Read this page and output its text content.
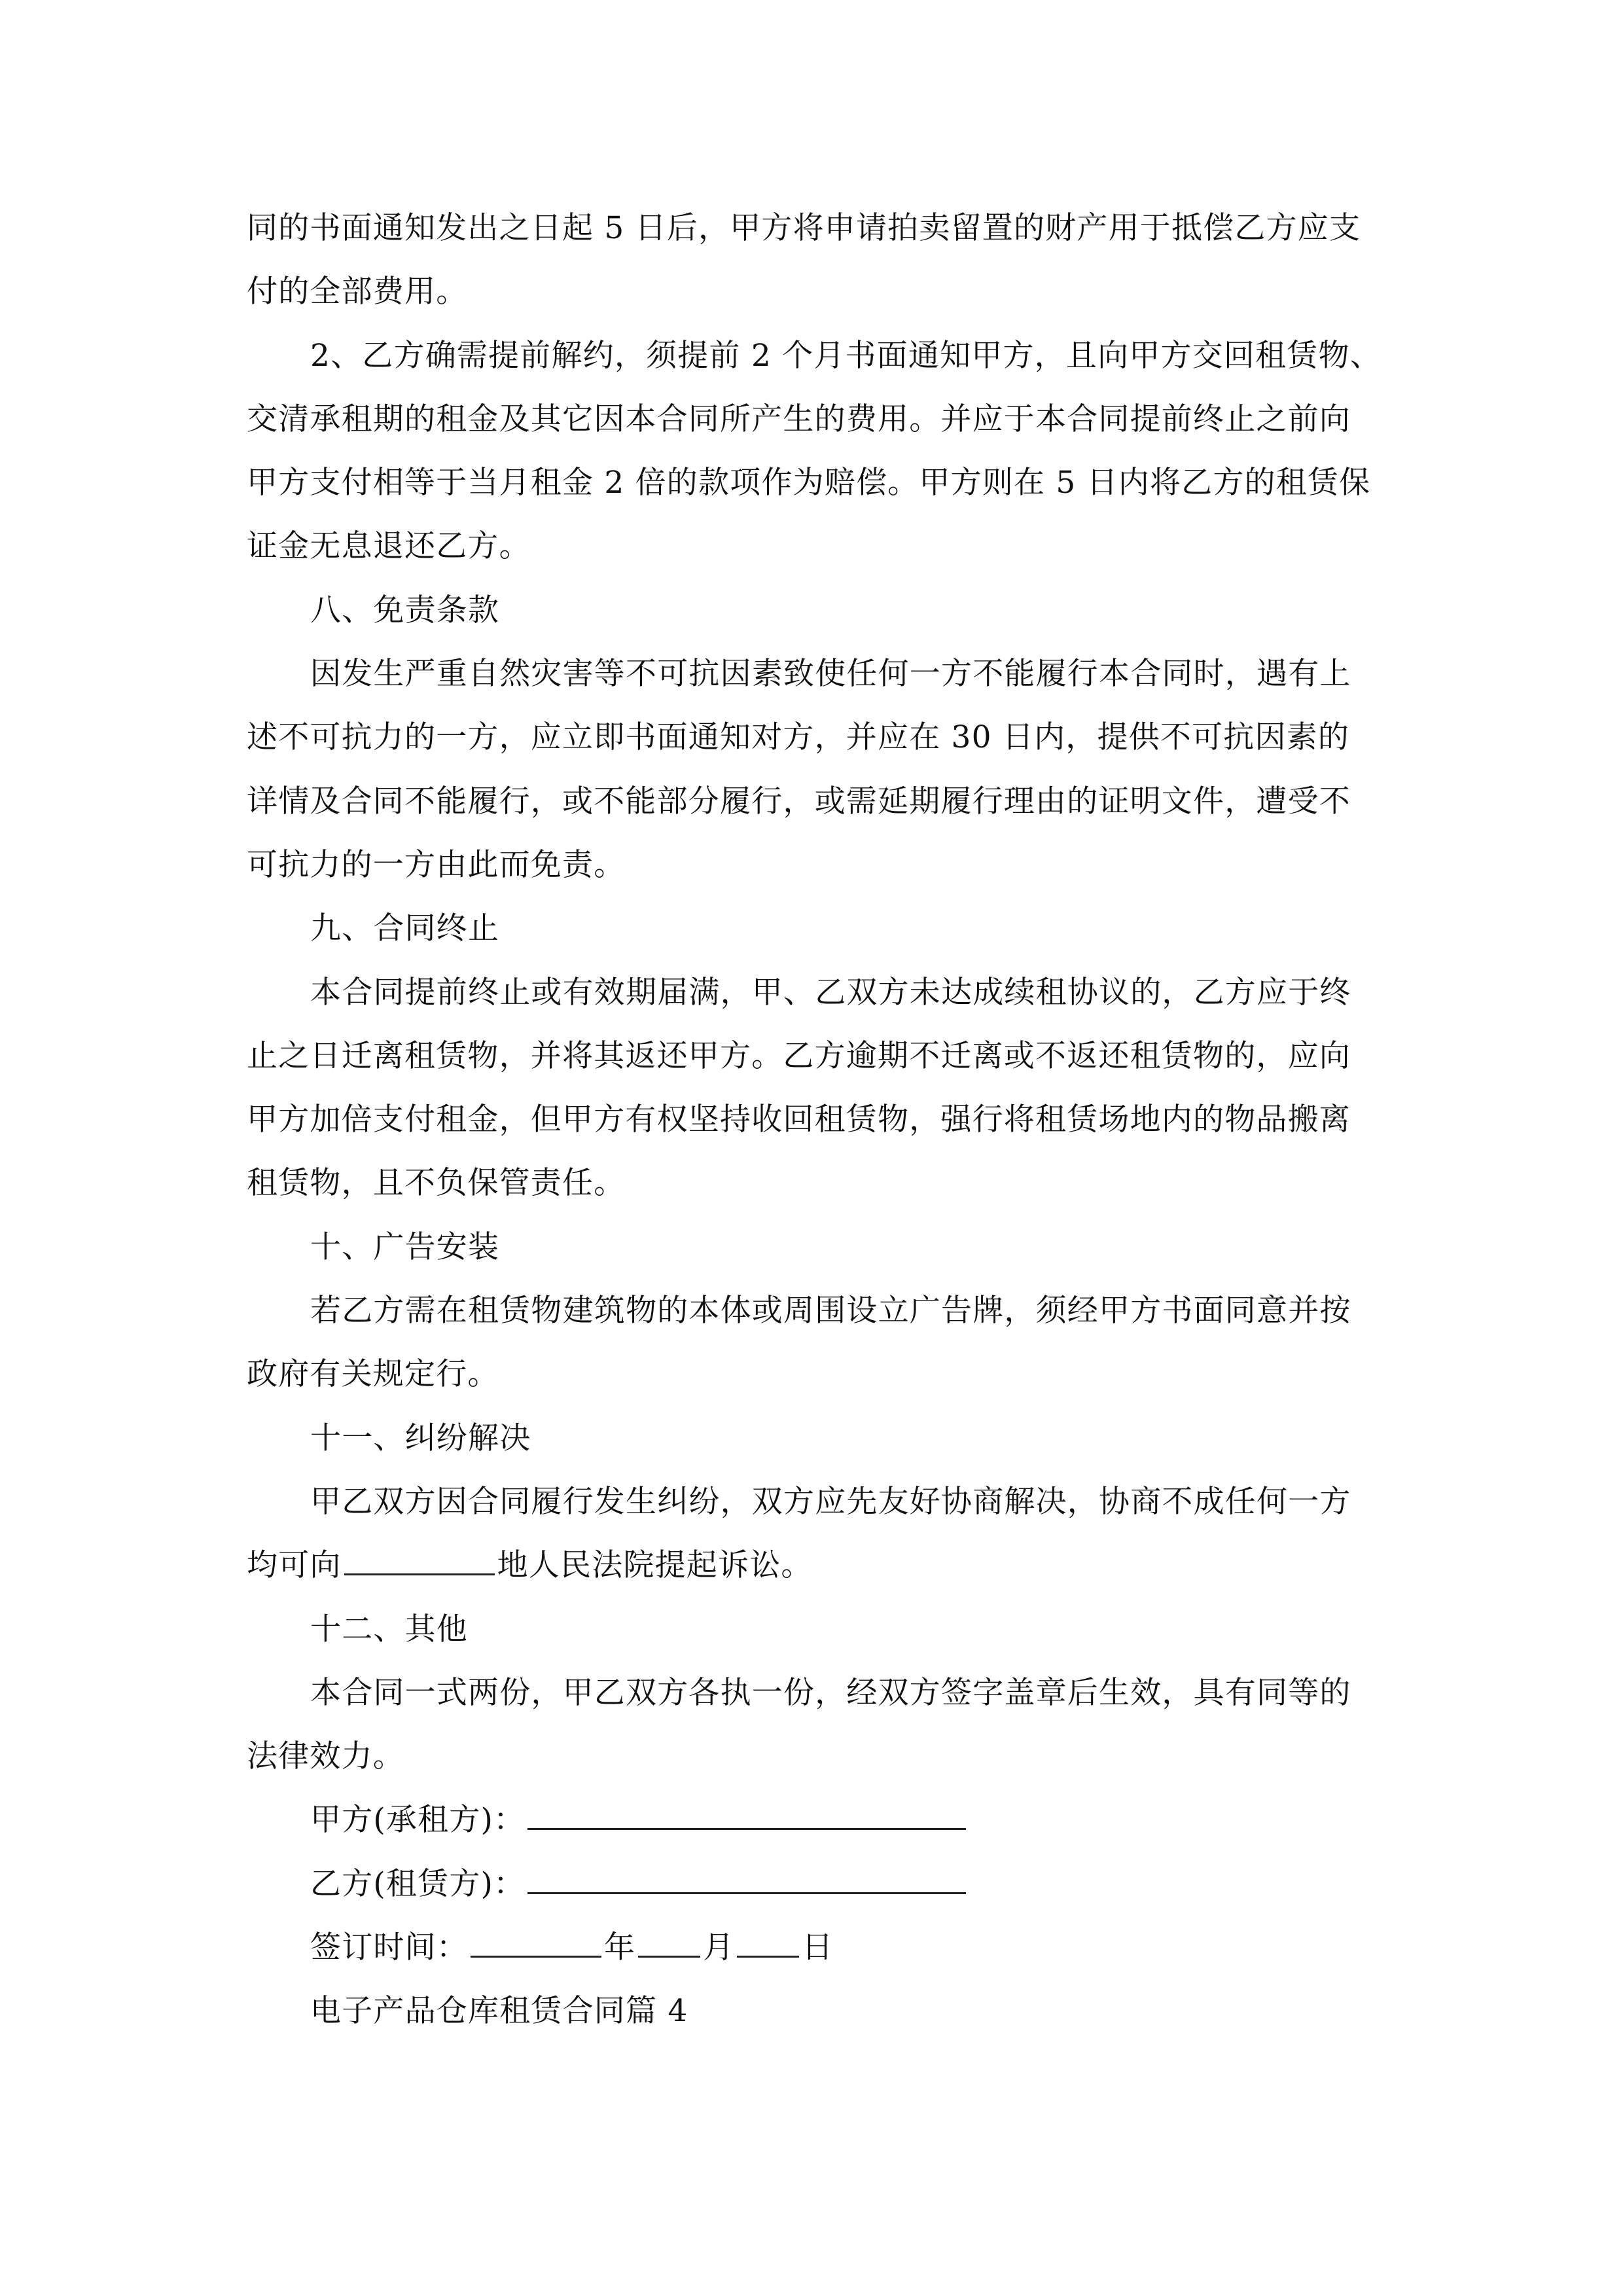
同的书面通知发出之日起 5 日后，甲方将申请拍卖留置的财产用于抵偿乙方应支
付的全部费用。
2、乙方确需提前解约，须提前 2 个月书面通知甲方，且向甲方交回租赁物、
交清承租期的租金及其它因本合同所产生的费用。并应于本合同提前终止之前向
甲方支付相等于当月租金 2 倍的款项作为赔偿。甲方则在 5 日内将乙方的租赁保
证金无息退还乙方。
八、免责条款
因发生严重自然灾害等不可抗因素致使任何一方不能履行本合同时，遇有上
述不可抗力的一方，应立即书面通知对方，并应在 30 日内，提供不可抗因素的
详情及合同不能履行，或不能部分履行，或需延期履行理由的证明文件，遭受不
可抗力的一方由此而免责。
九、合同终止
本合同提前终止或有效期届满，甲、乙双方未达成续租协议的，乙方应于终
止之日迁离租赁物，并将其返还甲方。乙方逾期不迁离或不返还租赁物的，应向
甲方加倍支付租金，但甲方有权坚持收回租赁物，强行将租赁场地内的物品搬离
租赁物，且不负保管责任。
十、广告安装
若乙方需在租赁物建筑物的本体或周围设立广告牌，须经甲方书面同意并按
政府有关规定行。
十一、纠纷解决
甲乙双方因合同履行发生纠纷，双方应先友好协商解决，协商不成任何一方
均可向	地人民法院提起诉讼。
十二、其他
本合同一式两份，甲乙双方各执一份，经双方签字盖章后生效，具有同等的
法律效力。
甲方(承租方)：
乙方(租赁方)：
签订时间：	年 月 日
电子产品仓库租赁合同篇 4
